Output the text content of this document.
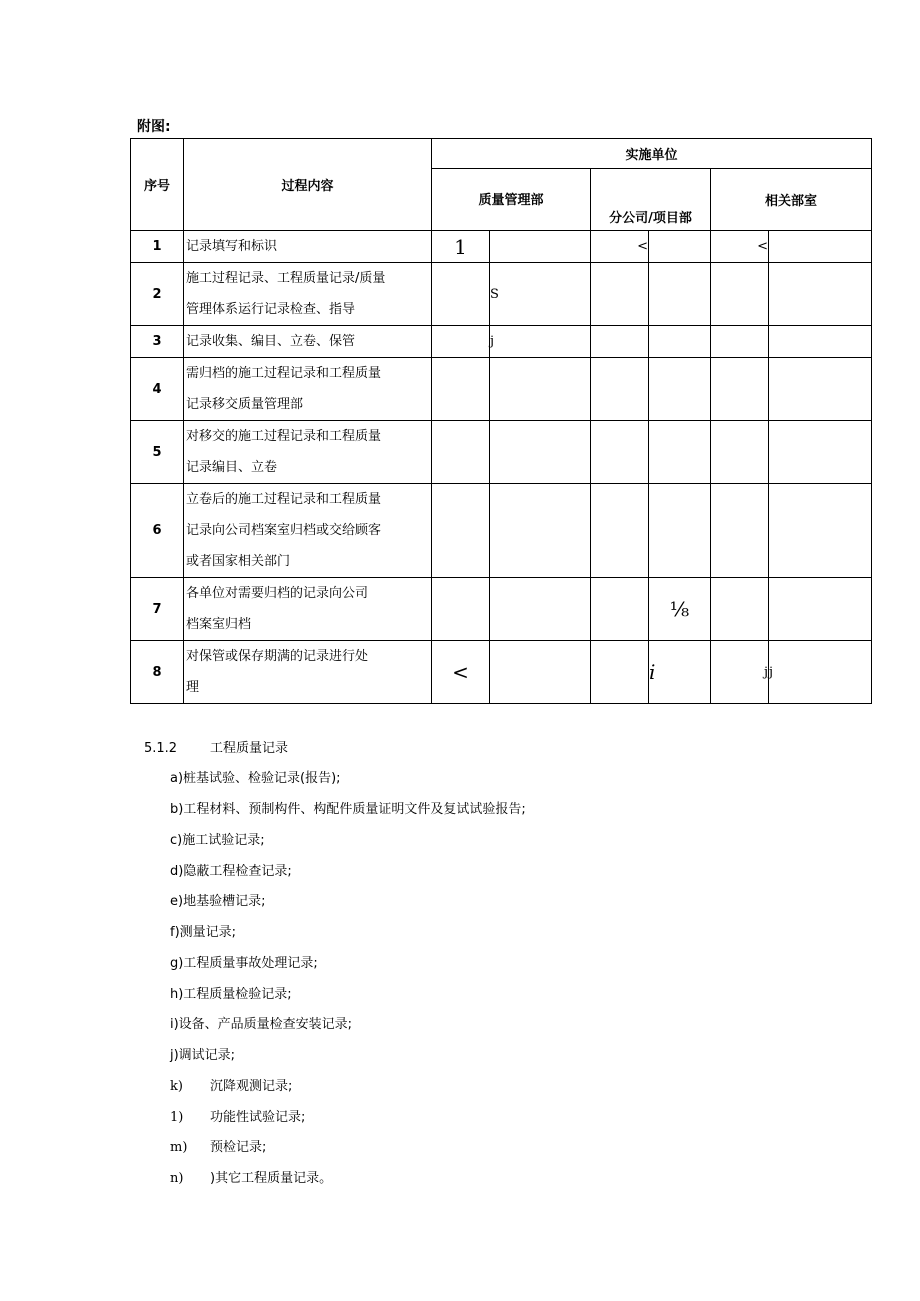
附图:
序号	过程内容	实施单位					
		质量管理部		分公司/项目部		相关部室	
1	记录填写和标识	1		<		<	
2	施工过程记录、工程质量记录/质量
管理体系运行记录检查、指导		S				
3	记录收集、编目、立卷、保管		j				
4	需归档的施工过程记录和工程质量
记录移交质量管理部						

5	对移交的施工过程记录和工程质量
记录编目、立卷						

6	立卷后的施工过程记录和工程质量
记录向公司档案室归档或交给顾客
或者国家相关部门						

7	各单位对需要归档的记录向公司
档案室归档				⅛		
8	对保管或保存期满的记录进行处
理	<			i	j	j
5.1.2	工程质量记录
a)桩基试验、检验记录(报告);
b)工程材料、预制构件、构配件质量证明文件及复试试验报告;
c)施工试验记录;
d)隐蔽工程检查记录;
e)地基验槽记录;
f)测量记录;
g)工程质量事故处理记录;
h)工程质量检验记录;
i)设备、产品质量检查安装记录;
j)调试记录;
k) 沉降观测记录;
1) 功能性试验记录;
m) 预检记录;
n) )其它工程质量记录。
